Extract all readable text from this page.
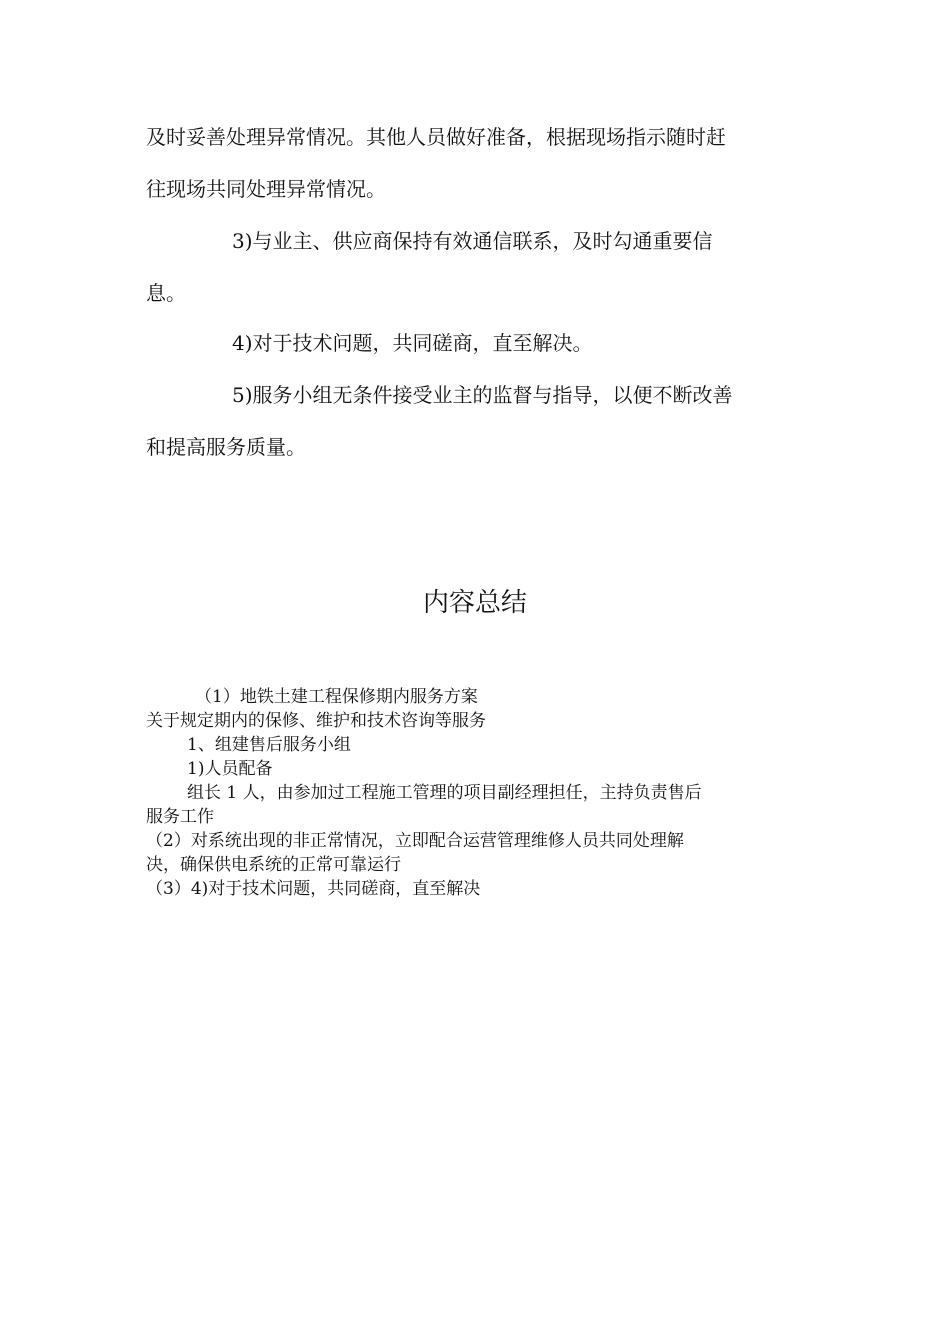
及时妥善处理异常情况。其他人员做好准备，根据现场指示随时赶

往现场共同处理异常情况。

3)与业主、供应商保持有效通信联系，及时勾通重要信

息。

4)对于技术问题，共同磋商，直至解决。

5)服务小组无条件接受业主的监督与指导，以便不断改善

和提高服务质量。

内容总结

（1）地铁土建工程保修期内服务方案

关于规定期内的保修、维护和技术咨询等服务

1、组建售后服务小组

1)人员配备

组长 1 人，由参加过工程施工管理的项目副经理担任，主持负责售后

服务工作

（2）对系统出现的非正常情况，立即配合运营管理维修人员共同处理解

决，确保供电系统的正常可靠运行

（3）4)对于技术问题，共同磋商，直至解决
